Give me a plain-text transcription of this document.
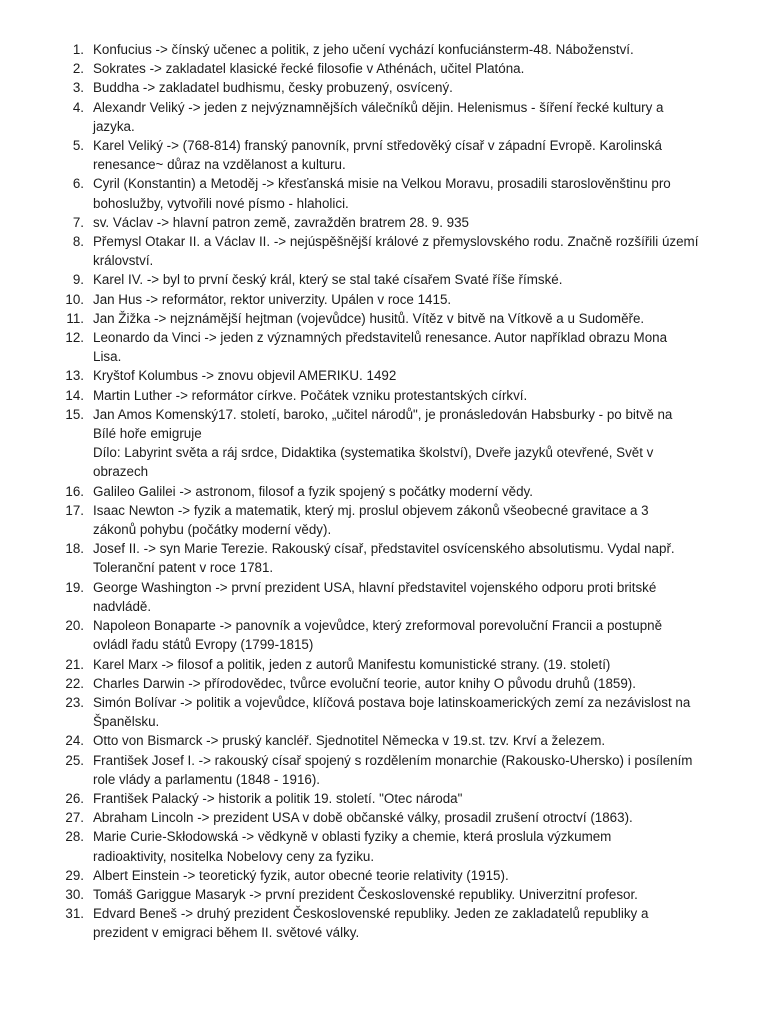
1. Konfucius -> čínský učenec a politik, z jeho učení vychází konfuciánsterm-48. Náboženství.
2. Sokrates -> zakladatel klasické řecké filosofie v Athénách, učitel Platóna.
3. Buddha -> zakladatel budhismu, česky probuzený, osvícený.
4. Alexandr Veliký -> jeden z nejvýznamnějších válečníků dějin. Helenismus - šíření řecké kultury a
jazyka.
5. Karel Veliký -> (768-814) franský panovník, první středověký císař v západní Evropě. Karolinská
renesance~ důraz na vzdělanost a kulturu.
6. Cyril (Konstantin) a Metoděj -> křesťanská misie na Velkou Moravu, prosadili staroslověnštinu pro
bohoslužby, vytvořili nové písmo - hlaholici.
7. sv. Václav -> hlavní patron země, zavražděn bratrem 28. 9. 935
8. Přemysl Otakar II. a Václav II. -> nejúspěšnější králové z přemyslovského rodu. Značně rozšířili území
království.
9. Karel IV. -> byl to první český král, který se stal také císařem Svaté říše římské.
10. Jan Hus -> reformátor, rektor univerzity. Upálen v roce 1415.
11. Jan Žižka -> nejznámější hejtman (vojevůdce) husitů. Vítěz v bitvě na Vítkově a u Sudoměře.
12. Leonardo da Vinci -> jeden z významných představitelů renesance. Autor například obrazu Mona
Lisa.
13. Kryštof Kolumbus -> znovu objevil AMERIKU. 1492
14. Martin Luther -> reformátor církve. Počátek vzniku protestantských církví.
15. Jan Amos Komenský17. století, baroko, „učitel národů", je pronásledován Habsburky - po bitvě na
Bílé hoře emigruje
Dílo: Labyrint světa a ráj srdce, Didaktika (systematika školství), Dveře jazyků otevřené, Svět v
obrazech
16. Galileo Galilei -> astronom, filosof a fyzik spojený s počátky moderní vědy.
17. Isaac Newton -> fyzik a matematik, který mj. proslul objevem zákonů všeobecné gravitace a 3
zákonů pohybu (počátky moderní vědy).
18. Josef II. -> syn Marie Terezie. Rakouský císař, představitel osvícenského absolutismu. Vydal např.
Toleranční patent v roce 1781.
19. George Washington -> první prezident USA, hlavní představitel vojenského odporu proti britské
nadvládě.
20. Napoleon Bonaparte -> panovník a vojevůdce, který zreformoval porevoluční Francii a postupně
ovládl řadu států Evropy (1799-1815)
21. Karel Marx -> filosof a politik, jeden z autorů Manifestu komunistické strany. (19. století)
22. Charles Darwin -> přírodovědec, tvůrce evoluční teorie, autor knihy O původu druhů (1859).
23. Simón Bolívar -> politik a vojevůdce, klíčová postava boje latinskoamerických zemí za nezávislost na
Španělsku.
24. Otto von Bismarck -> pruský kancléř. Sjednotitel Německa v 19.st. tzv. Krví a železem.
25. František Josef I. -> rakouský císař spojený s rozdělením monarchie (Rakousko-Uhersko) i posílením
role vlády a parlamentu (1848 - 1916).
26. František Palacký -> historik a politik 19. století. "Otec národa"
27. Abraham Lincoln -> prezident USA v době občanské války, prosadil zrušení otroctví (1863).
28. Marie Curie-Skłodowská -> vědkyně v oblasti fyziky a chemie, která proslula výzkumem
radioaktivity, nositelka Nobelovy ceny za fyziku.
29. Albert Einstein -> teoretický fyzik, autor obecné teorie relativity (1915).
30. Tomáš Gariggue Masaryk -> první prezident Československé republiky. Univerzitní profesor.
31. Edvard Beneš -> druhý prezident Československé republiky. Jeden ze zakladatelů republiky a
prezident v emigraci během II. světové války.
